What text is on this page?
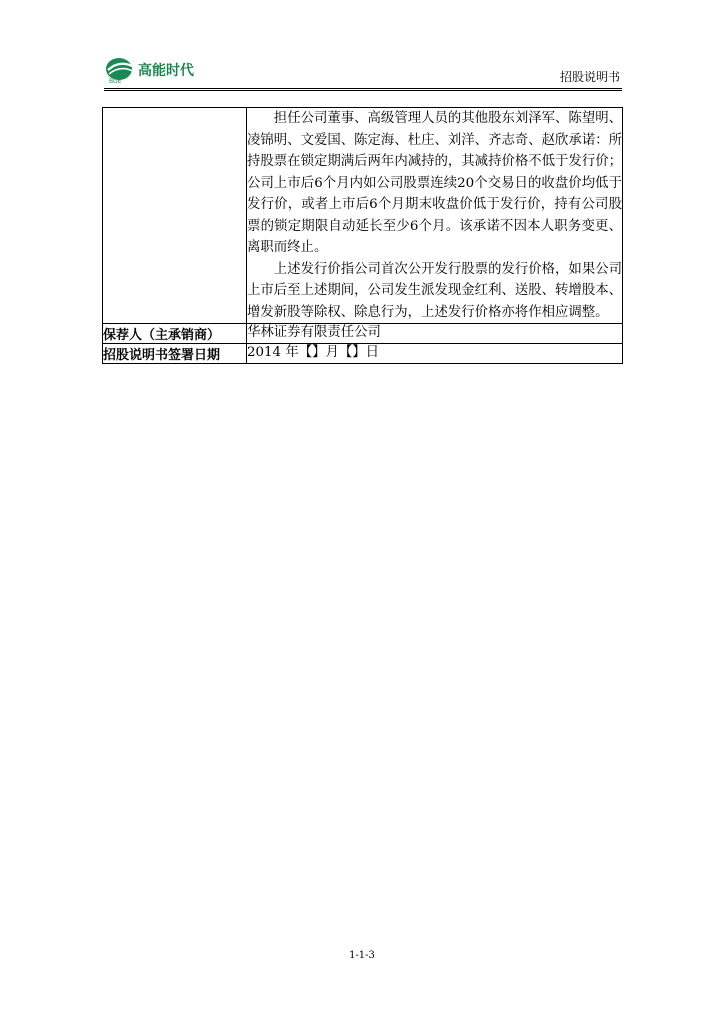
BGE
高能时代	招股说明书

	担任公司董事、高级管理人员的其他股东刘泽军、陈望明、凌锦明、文爱国、陈定海、杜庄、刘洋、齐志奇、赵欣承诺：所持股票在锁定期满后两年内减持的，其减持价格不低于发行价；公司上市后6个月内如公司股票连续20个交易日的收盘价均低于发行价，或者上市后6个月期末收盘价低于发行价，持有公司股票的锁定期限自动延长至少6个月。该承诺不因本人职务变更、离职而终止。

上述发行价指公司首次公开发行股票的发行价格，如果公司上市后至上述期间，公司发生派发现金红利、送股、转增股本、增发新股等除权、除息行为，上述发行价格亦将作相应调整。

保荐人（主承销商）	华林证券有限责任公司
招股说明书签署日期	2014 年【】月【】日
1-1-3
